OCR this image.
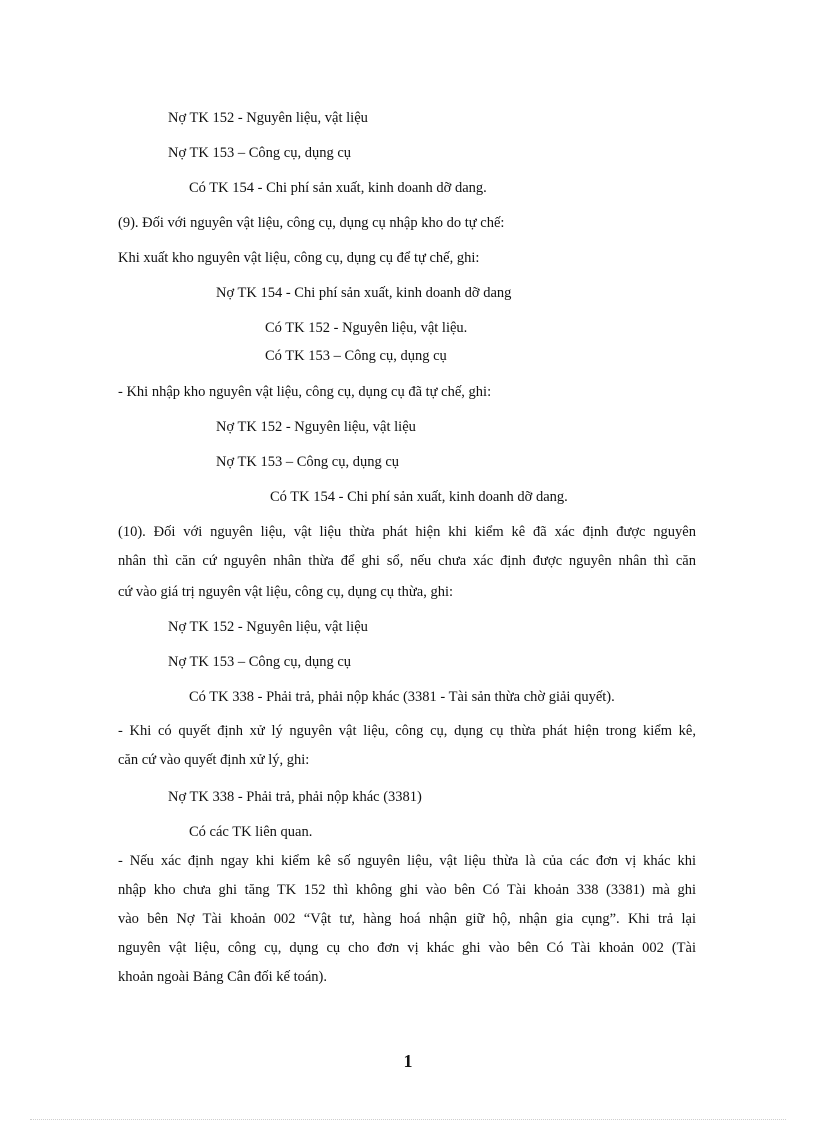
Nợ TK 152 - Nguyên liệu, vật liệu
Nợ TK 153 – Công cụ, dụng cụ
Có TK 154 - Chi phí sản xuất, kinh doanh dỡ dang.
(9). Đối với nguyên vật liệu, công cụ, dụng cụ nhập kho do tự chế:
Khi xuất kho nguyên vật liệu, công cụ, dụng cụ để tự chế, ghi:
Nợ TK 154 - Chi phí sản xuất, kinh doanh dỡ dang
Có TK 152 - Nguyên liệu, vật liệu.
Có TK 153 – Công cụ, dụng cụ
- Khi nhập kho nguyên vật liệu, công cụ, dụng cụ đã tự chế, ghi:
Nợ TK 152 - Nguyên liệu, vật liệu
Nợ TK 153 – Công cụ, dụng cụ
Có TK 154 - Chi phí sản xuất, kinh doanh dỡ dang.
(10). Đối với nguyên liệu, vật liệu thừa phát hiện khi kiểm kê đã xác định được nguyên
nhân thì căn cứ nguyên nhân thừa để ghi sổ, nếu chưa xác định được nguyên nhân thì căn
cứ vào giá trị nguyên vật liệu, công cụ, dụng cụ thừa, ghi:
Nợ TK 152 - Nguyên liệu, vật liệu
Nợ TK 153 – Công cụ, dụng cụ
Có TK 338 - Phải trả, phải nộp khác (3381 - Tài sản thừa chờ giải quyết).
- Khi có quyết định xử lý nguyên vật liệu, công cụ, dụng cụ thừa phát hiện trong kiểm kê,
căn cứ vào quyết định xử lý, ghi:
Nợ TK 338 - Phải trả, phải nộp khác (3381)
Có các TK liên quan.
- Nếu xác định ngay khi kiểm kê số nguyên liệu, vật liệu thừa là của các đơn vị khác khi
nhập kho chưa ghi tăng TK 152 thì không ghi vào bên Có Tài khoản 338 (3381) mà ghi
vào bên Nợ Tài khoản 002 “Vật tư, hàng hoá nhận giữ hộ, nhận gia cụng”. Khi trả lại
nguyên vật liệu, công cụ, dụng cụ cho đơn vị khác ghi vào bên Có Tài khoản 002 (Tài
khoản ngoài Bảng Cân đối kế toán).
1
